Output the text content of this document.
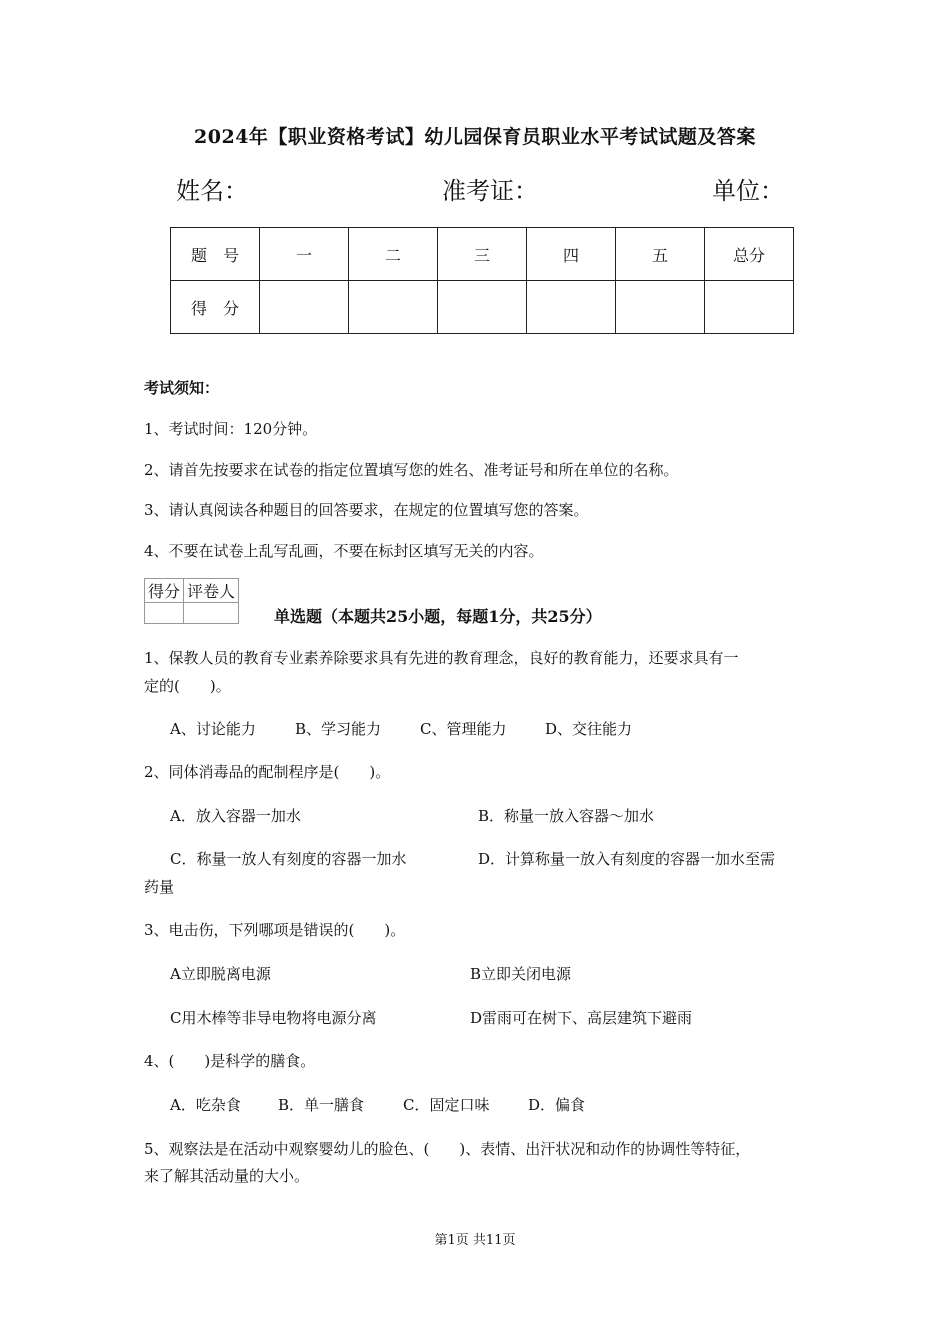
2024年【职业资格考试】幼儿园保育员职业水平考试试题及答案
姓名：	准考证：	单位：
题　号	一	二	三	四	五	总分
得　分						
考试须知：
1、考试时间：120分钟。
2、请首先按要求在试卷的指定位置填写您的姓名、准考证号和所在单位的名称。
3、请认真阅读各种题目的回答要求，在规定的位置填写您的答案。
4、不要在试卷上乱写乱画，不要在标封区填写无关的内容。
得分	评卷人

单选题（本题共25小题，每题1分，共25分）
1、保教人员的教育专业素养除要求具有先进的教育理念，良好的教育能力，还要求具有一
定的(　　)。
A、讨论能力	B、学习能力	C、管理能力	D、交往能力
2、同体消毒品的配制程序是(　　)。
A．放入容器一加水	B．称量一放入容器～加水
C．称量一放人有刻度的容器一加水	D．计算称量一放入有刻度的容器一加水至需
药量
3、电击伤，下列哪项是错误的(　　)。
A立即脱离电源	B立即关闭电源
C用木棒等非导电物将电源分离	D雷雨可在树下、高层建筑下避雨
4、(　　)是科学的膳食。
A．吃杂食 B．单一膳食	C．固定口味	D．偏食
5、观察法是在活动中观察婴幼儿的脸色、(　　)、表情、出汗状况和动作的协调性等特征，
来了解其活动量的大小。
第1页 共11页
